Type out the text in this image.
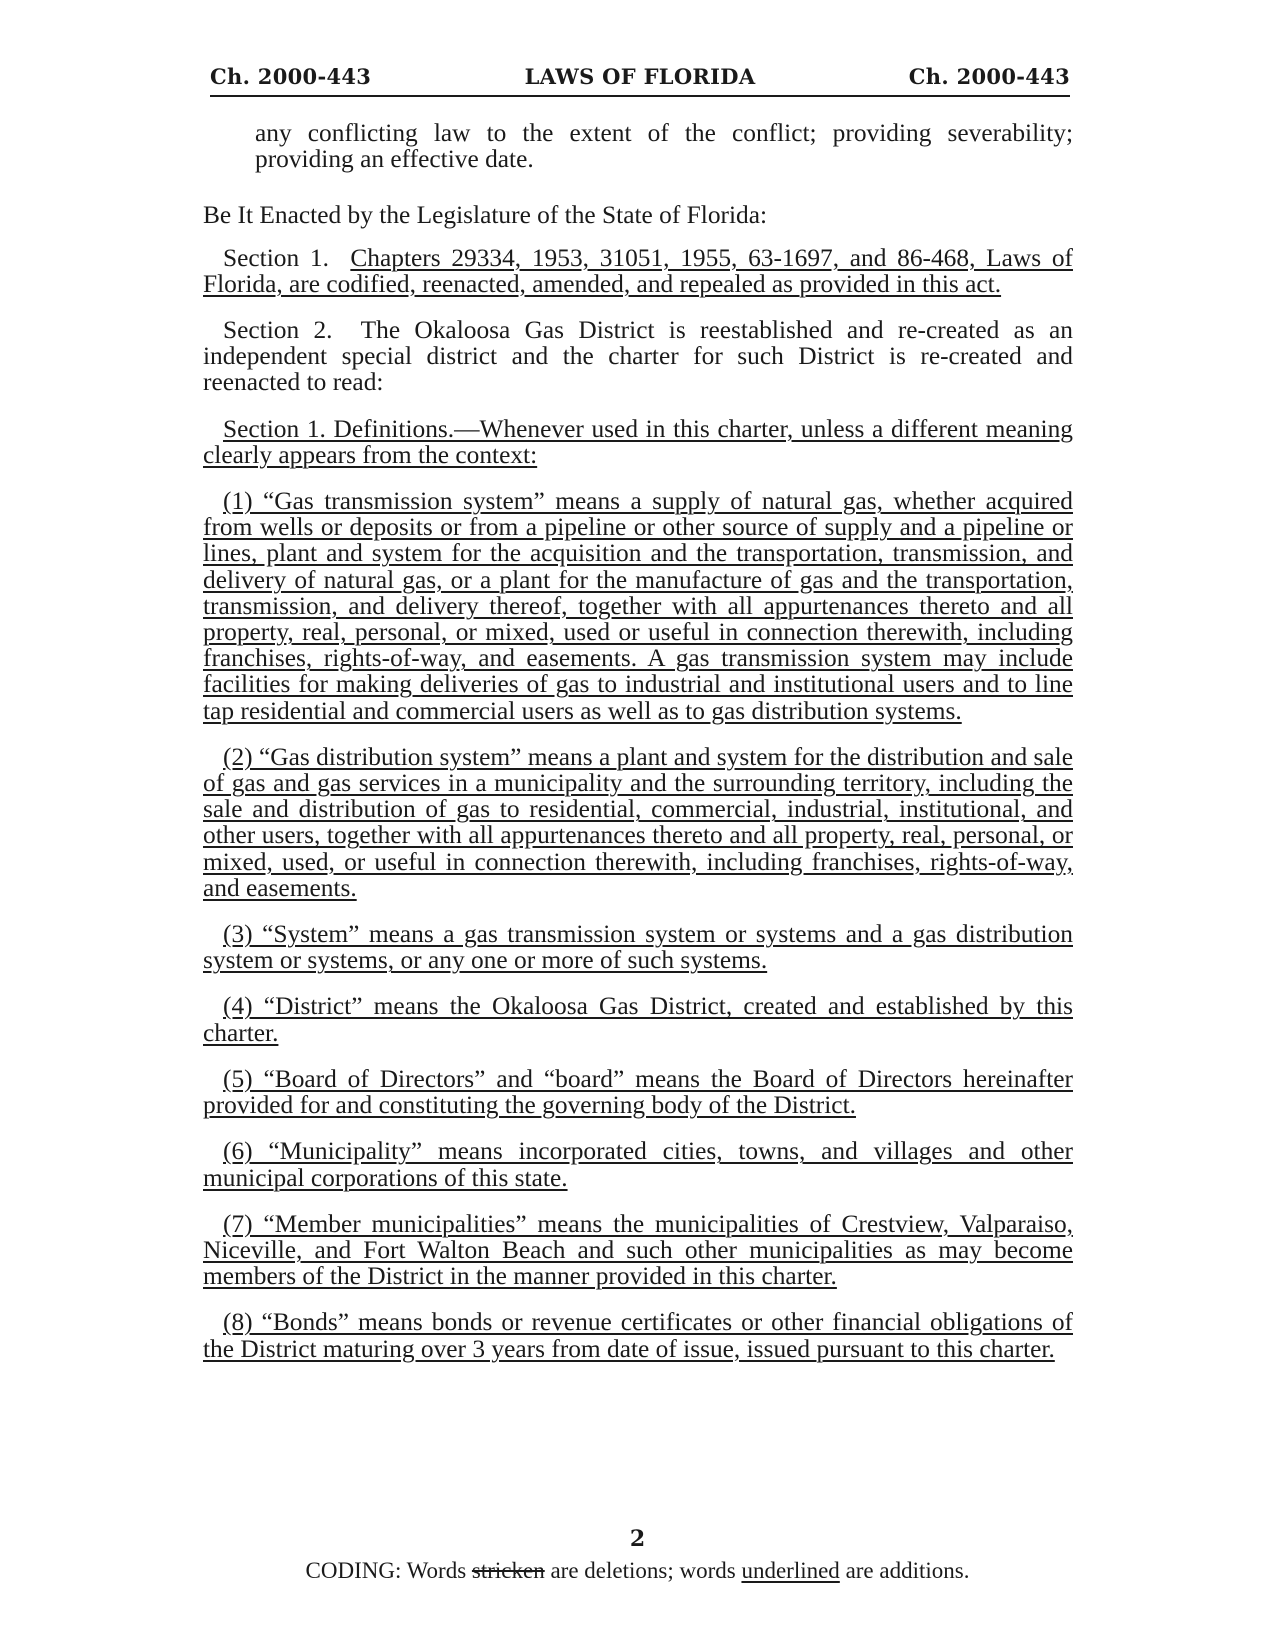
Ch. 2000-443	LAWS OF FLORIDA	Ch. 2000-443

any conflicting law to the extent of the conflict; providing severability; providing an effective date.

Be It Enacted by the Legislature of the State of Florida:

Section 1. Chapters 29334, 1953, 31051, 1955, 63-1697, and 86-468, Laws of Florida, are codified, reenacted, amended, and repealed as provided in this act.

Section 2. The Okaloosa Gas District is reestablished and re-created as an independent special district and the charter for such District is re-created and reenacted to read:

Section 1. Definitions.—Whenever used in this charter, unless a different meaning clearly appears from the context:

(1) “Gas transmission system” means a supply of natural gas, whether acquired from wells or deposits or from a pipeline or other source of supply and a pipeline or lines, plant and system for the acquisition and the transportation, transmission, and delivery of natural gas, or a plant for the manufacture of gas and the transportation, transmission, and delivery thereof, together with all appurtenances thereto and all property, real, personal, or mixed, used or useful in connection therewith, including franchises, rights-of-way, and easements. A gas transmission system may include facilities for making deliveries of gas to industrial and institutional users and to line tap residential and commercial users as well as to gas distribution systems.

(2) “Gas distribution system” means a plant and system for the distribution and sale of gas and gas services in a municipality and the surrounding territory, including the sale and distribution of gas to residential, commercial, industrial, institutional, and other users, together with all appurtenances thereto and all property, real, personal, or mixed, used, or useful in connection therewith, including franchises, rights-of-way, and easements.

(3) “System” means a gas transmission system or systems and a gas distribution system or systems, or any one or more of such systems.

(4) “District” means the Okaloosa Gas District, created and established by this charter.

(5) “Board of Directors” and “board” means the Board of Directors hereinafter provided for and constituting the governing body of the District.

(6) “Municipality” means incorporated cities, towns, and villages and other municipal corporations of this state.

(7) “Member municipalities” means the municipalities of Crestview, Valparaiso, Niceville, and Fort Walton Beach and such other municipalities as may become members of the District in the manner provided in this charter.

(8) “Bonds” means bonds or revenue certificates or other financial obligations of the District maturing over 3 years from date of issue, issued pursuant to this charter.

2
CODING: Words stricken are deletions; words underlined are additions.
